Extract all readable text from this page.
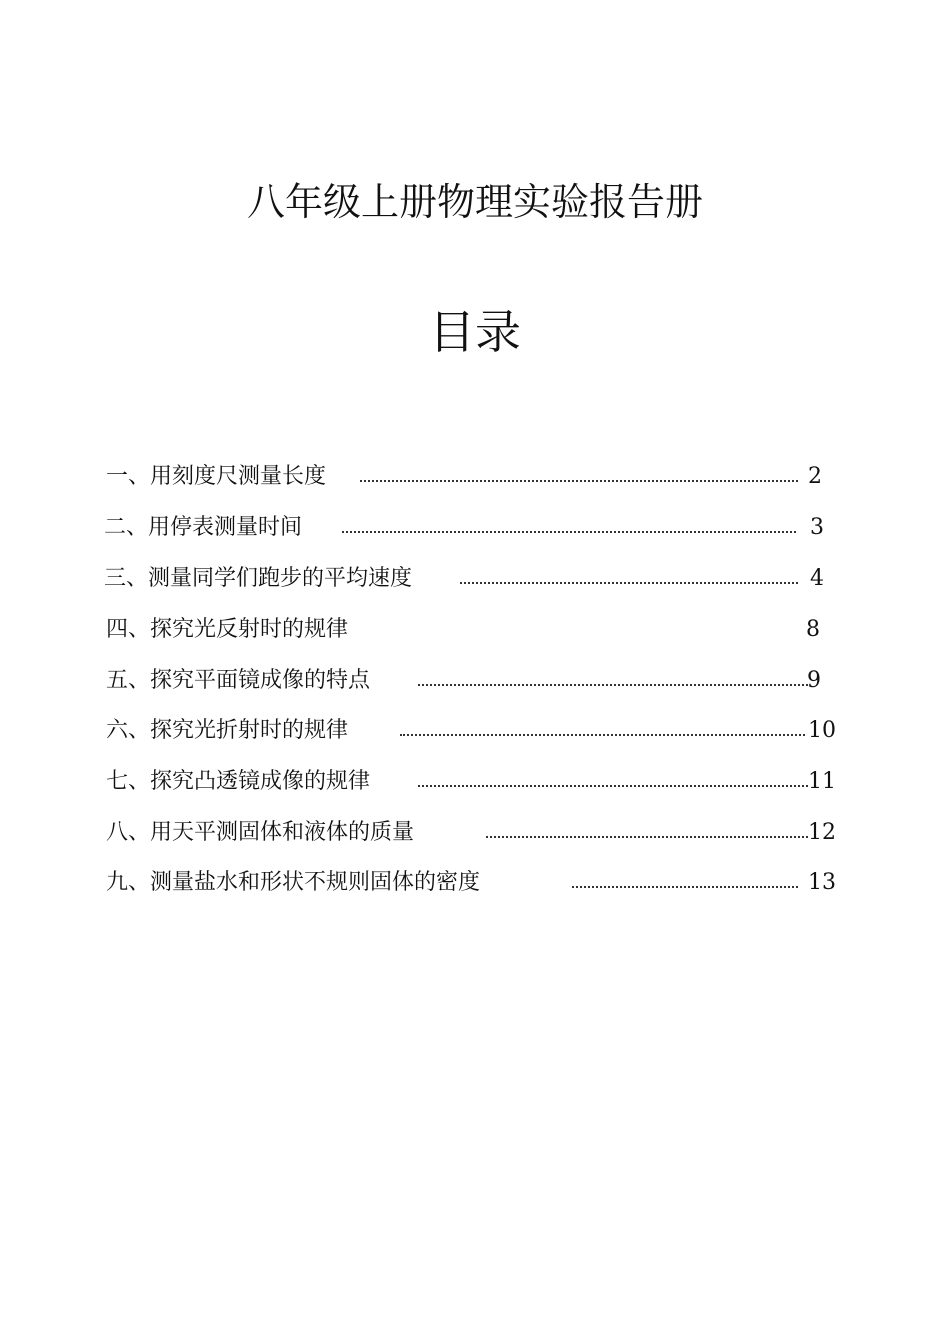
八年级上册物理实验报告册
目录
一、用刻度尺测量长度	2
二、用停表测量时间	3
三、测量同学们跑步的平均速度	4
四、探究光反射时的规律	8
五、探究平面镜成像的特点	9
六、探究光折射时的规律	10
七、探究凸透镜成像的规律	11
八、用天平测固体和液体的质量	12
九、测量盐水和形状不规则固体的密度	13
